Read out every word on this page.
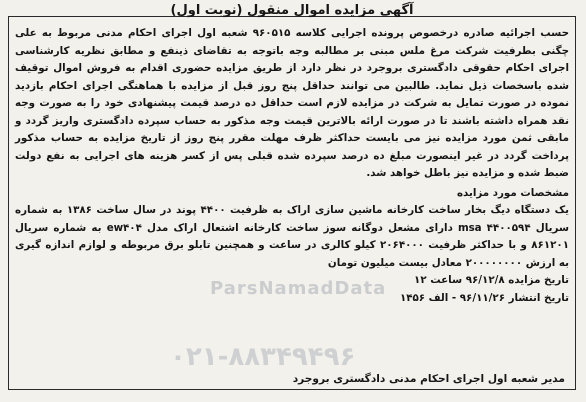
آگهی مزایده اموال منقول (نوبت اول)

حسب اجرائیه صادره درخصوص پرونده اجرایی کلاسه ۹۶۰۵۱۵ شعبه اول اجرای احکام مدنی مربوط به علی چگنی بطرفیت شرکت مرغ ملس مبنی بر مطالبه وجه باتوجه به تقاضای ذینفع و مطابق نظریه کارشناسی اجرای احکام حقوقی دادگستری بروجرد در نظر دارد از طریق مزایده حضوری اقدام به فروش اموال توقیف شده باسخصات ذیل نماید. طالبین می توانند حداقل پنج روز قبل از مزایده با هماهنگی اجرای احکام بازدید نموده در صورت تمایل به شرکت در مزایده لازم است حداقل ده درصد قیمت پیشنهادی خود را به صورت وجه نقد همراه داشته باشند تا در صورت ارائه بالاترین قیمت وجه مذکور به حساب سپرده دادگستری واریز گردد و مابقی ثمن مورد مزایده نیز می بایست حداکثر ظرف مهلت مقرر پنج روز از تاریخ مزایده به حساب مذکور پرداخت گردد در غیر اینصورت مبلغ ده درصد سپرده شده قبلی پس از کسر هزینه های اجرایی به نفع دولت ضبط شده و مزایده نیز باطل خواهد شد.

مشخصات مورد مزایده

یک دستگاه دیگ بخار ساخت کارخانه ماشین سازی اراک به ظرفیت ۴۴۰۰ پوند در سال ساخت ۱۳۸۶ به شماره سریال ۴۴۰۰۵۹۴ msa دارای مشعل دوگانه سوز ساخت کارخانه اشتعال اراک مدل ew۴۰۴ به شماره سریال ۸۶۱۲۰۱ و با حداکثر ظرفیت ۲۰۶۴۰۰۰ کیلو کالری در ساعت و همچنین تابلو برق مربوطه و لوازم اندازه گیری به ارزش ۲۰۰۰۰۰۰۰۰ معادل بیست میلیون تومان

تاریخ مزایده ۹۶/۱۲/۸ ساعت ۱۲

تاریخ انتشار ۹۶/۱۱/۲۶ - الف ۱۴۵۶

مدیر شعبه اول اجرای احکام مدنی دادگستری بروجرد
ParsNamadData
۰۲۱-۸۸۳۴۹۴۹۶
